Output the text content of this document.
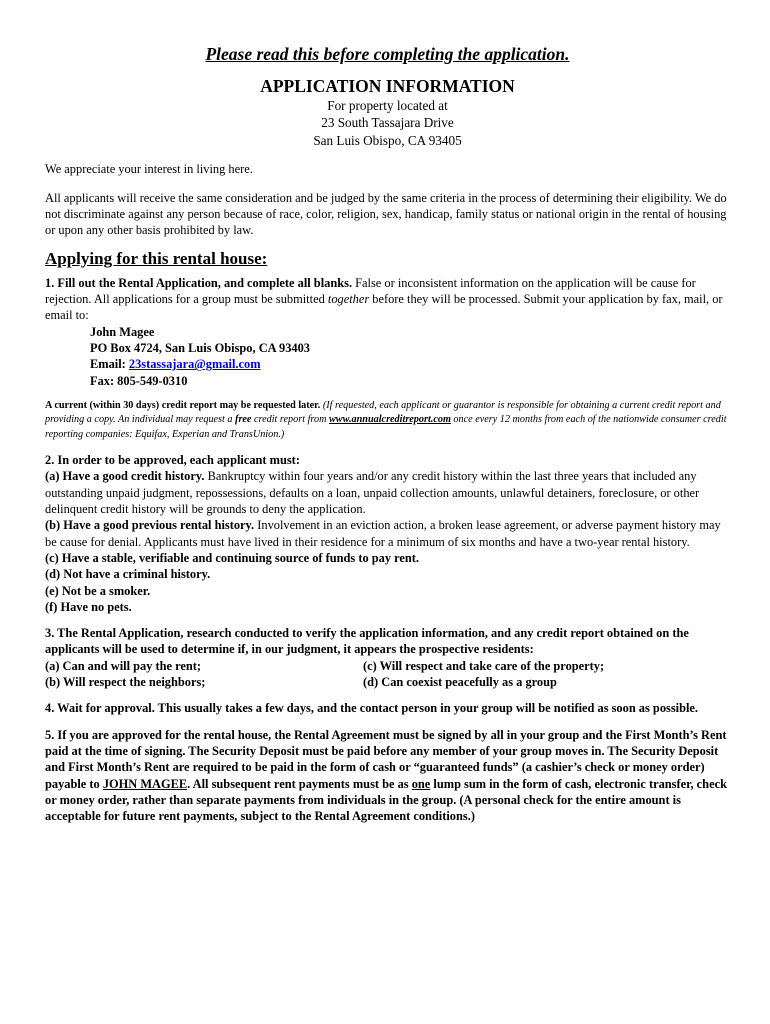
Please read this before completing the application.

APPLICATION INFORMATION

For property located at
23 South Tassajara Drive
San Luis Obispo, CA 93405

We appreciate your interest in living here.

All applicants will receive the same consideration and be judged by the same criteria in the process of determining their eligibility. We do not discriminate against any person because of race, color, religion, sex, handicap, family status or national origin in the rental of housing or upon any other basis prohibited by law.

Applying for this rental house:

1. Fill out the Rental Application, and complete all blanks. False or inconsistent information on the application will be cause for rejection. All applications for a group must be submitted together before they will be processed. Submit your application by fax, mail, or email to:

John Magee
PO Box 4724, San Luis Obispo, CA 93403
Email: 23stassajara@gmail.com
Fax: 805-549-0310

A current (within 30 days) credit report may be requested later. (If requested, each applicant or guarantor is responsible for obtaining a current credit report and providing a copy. An individual may request a free credit report from www.annualcreditreport.com once every 12 months from each of the nationwide consumer credit reporting companies: Equifax, Experian and TransUnion.)

2. In order to be approved, each applicant must:

(a) Have a good credit history. Bankruptcy within four years and/or any credit history within the last three years that included any outstanding unpaid judgment, repossessions, defaults on a loan, unpaid collection amounts, unlawful detainers, foreclosure, or other delinquent credit history will be grounds to deny the application.

(b) Have a good previous rental history. Involvement in an eviction action, a broken lease agreement, or adverse payment history may be cause for denial. Applicants must have lived in their residence for a minimum of six months and have a two-year rental history.

(c) Have a stable, verifiable and continuing source of funds to pay rent.

(d) Not have a criminal history.

(e) Not be a smoker.

(f) Have no pets.

3. The Rental Application, research conducted to verify the application information, and any credit report obtained on the applicants will be used to determine if, in our judgment, it appears the prospective residents:

(a) Can and will pay the rent;	(c) Will respect and take care of the property;
(b) Will respect the neighbors;	(d) Can coexist peacefully as a group

4. Wait for approval. This usually takes a few days, and the contact person in your group will be notified as soon as possible.

5. If you are approved for the rental house, the Rental Agreement must be signed by all in your group and the First Month’s Rent paid at the time of signing. The Security Deposit must be paid before any member of your group moves in. The Security Deposit and First Month’s Rent are required to be paid in the form of cash or “guaranteed funds” (a cashier’s check or money order) payable to JOHN MAGEE. All subsequent rent payments must be as one lump sum in the form of cash, electronic transfer, check or money order, rather than separate payments from individuals in the group. (A personal check for the entire amount is acceptable for future rent payments, subject to the Rental Agreement conditions.)
